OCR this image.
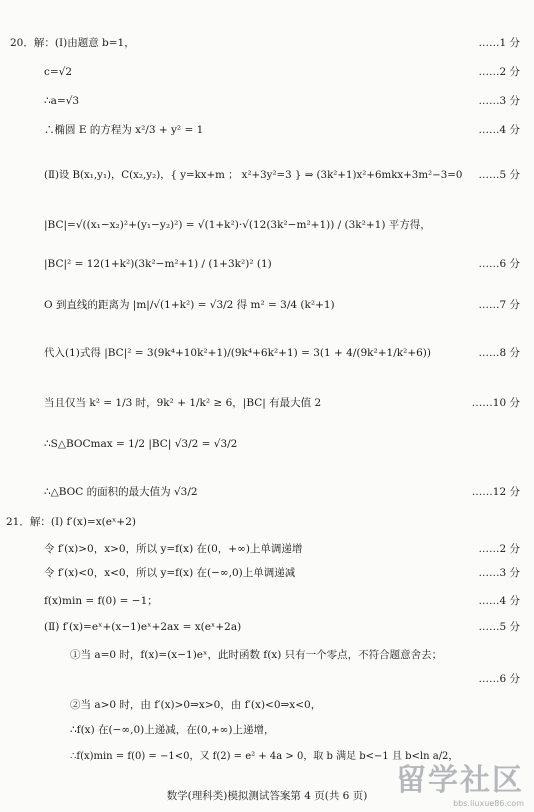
20．解：(Ⅰ)由题意 b=1，	……1 分
c=√2	……2 分
∴a=√3	……3 分
∴椭圆 E 的方程为 x²/3 + y² = 1	……4 分
(Ⅱ)设 B(x₁,y₁)，C(x₂,y₂)，{ y=kx+m ； x²+3y²=3 } ⇒ (3k²+1)x²+6mkx+3m²−3=0 ……5 分
|BC|=√((x₁−x₂)²+(y₁−y₂)²) = √(1+k²)·√(12(3k²−m²+1)) / (3k²+1) 平方得，
|BC|² = 12(1+k²)(3k²−m²+1) / (1+3k²)² (1)	……6 分
O 到直线的距离为 |m|/√(1+k²) = √3/2 得 m² = 3/4 (k²+1)	……7 分
代入(1)式得 |BC|² = 3(9k⁴+10k²+1)/(9k⁴+6k²+1) = 3(1 + 4/(9k²+1/k²+6))	……8 分
当且仅当 k² = 1/3 时，9k² + 1/k² ≥ 6，|BC| 有最大值 2	……10 分
∴S△BOCmax = 1/2 |BC| √3/2 = √3/2
∴△BOC 的面积的最大值为 √3/2	……12 分
21．解：(Ⅰ) f′(x)=x(eˣ+2)
令 f′(x)>0，x>0，所以 y=f(x) 在(0，+∞)上单调递增	……2 分
令 f′(x)<0，x<0，所以 y=f(x) 在(−∞,0)上单调递减	……3 分
f(x)min = f(0) = −1；	……4 分
(Ⅱ) f′(x)=eˣ+(x−1)eˣ+2ax = x(eˣ+2a)	……5 分
①当 a=0 时，f(x)=(x−1)eˣ，此时函数 f(x) 只有一个零点，不符合题意舍去；
……6 分
②当 a>0 时，由 f′(x)>0⇒x>0，由 f′(x)<0⇒x<0，
∴f(x) 在(−∞,0)上递减，在(0,+∞)上递增，
∴f(x)min = f(0) = −1<0，又 f(2) = e² + 4a > 0，取 b 满足 b<−1 且 b<ln a/2，
数学(理科类)模拟测试答案第 4 页(共 6 页) 留学社区
bbs.liuxue86.com
